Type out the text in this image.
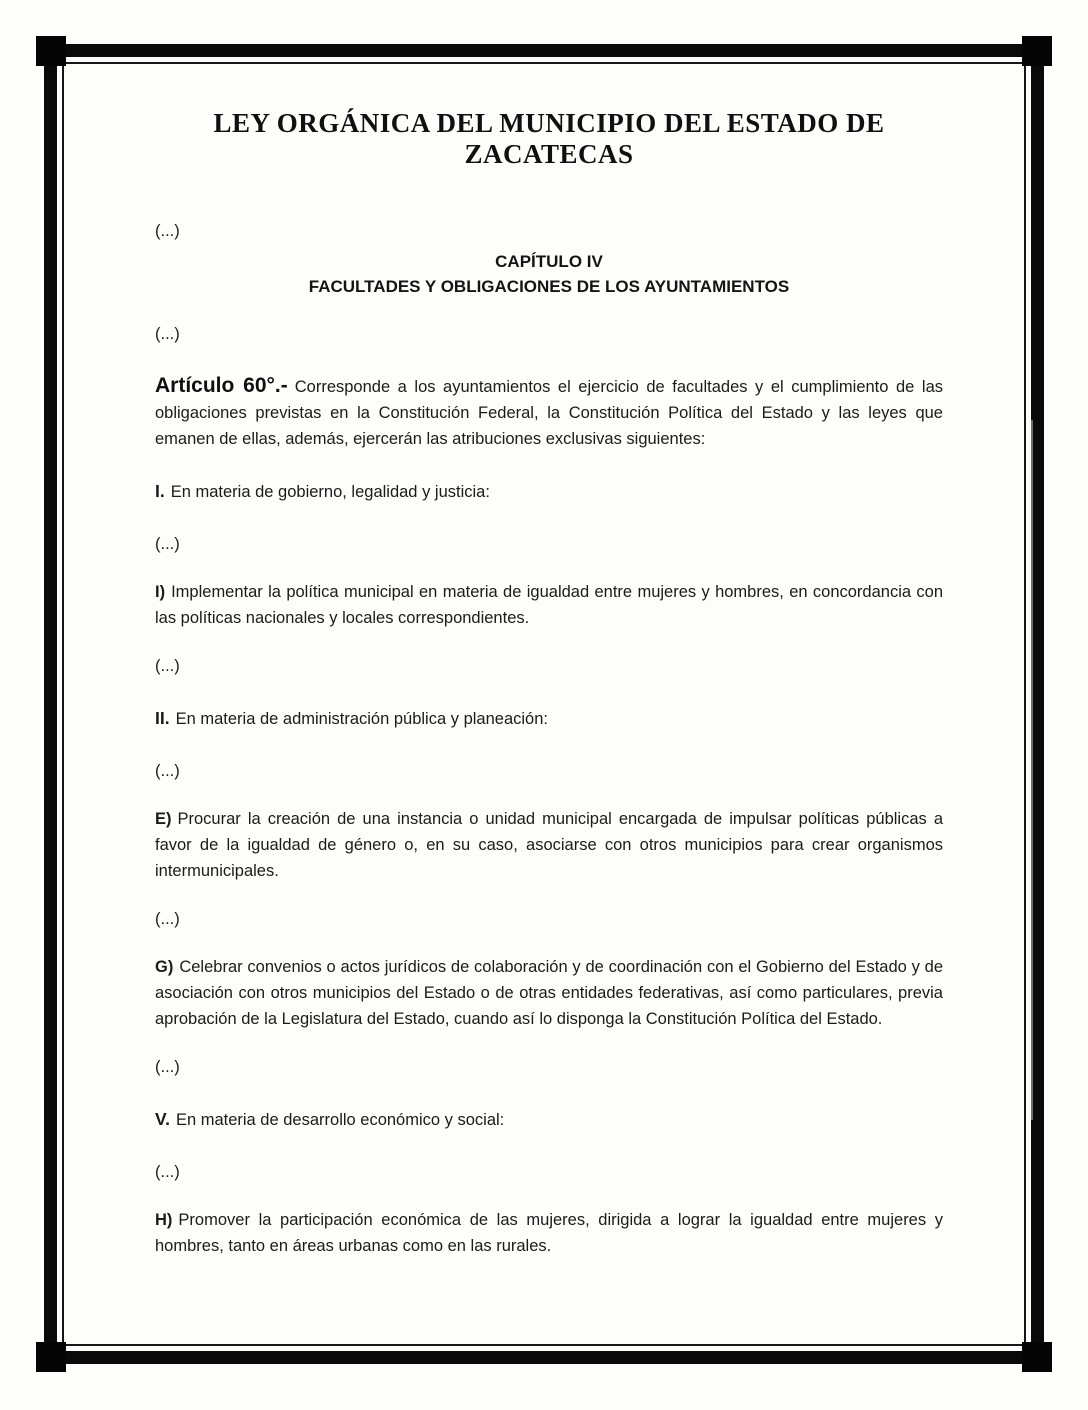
LEY ORGÁNICA DEL MUNICIPIO DEL ESTADO DE ZACATECAS

(...)

CAPÍTULO IV

FACULTADES Y OBLIGACIONES DE LOS AYUNTAMIENTOS

(...)

Artículo 60°.- Corresponde a los ayuntamientos el ejercicio de facultades y el cumplimiento de las obligaciones previstas en la Constitución Federal, la Constitución Política del Estado y las leyes que emanen de ellas, además, ejercerán las atribuciones exclusivas siguientes:

I. En materia de gobierno, legalidad y justicia:

(...)

I) Implementar la política municipal en materia de igualdad entre mujeres y hombres, en concordancia con las políticas nacionales y locales correspondientes.

(...)

II. En materia de administración pública y planeación:

(...)

E) Procurar la creación de una instancia o unidad municipal encargada de impulsar políticas públicas a favor de la igualdad de género o, en su caso, asociarse con otros municipios para crear organismos intermunicipales.

(...)

G) Celebrar convenios o actos jurídicos de colaboración y de coordinación con el Gobierno del Estado y de asociación con otros municipios del Estado o de otras entidades federativas, así como particulares, previa aprobación de la Legislatura del Estado, cuando así lo disponga la Constitución Política del Estado.

(...)

V. En materia de desarrollo económico y social:

(...)

H) Promover la participación económica de las mujeres, dirigida a lograr la igualdad entre mujeres y hombres, tanto en áreas urbanas como en las rurales.
